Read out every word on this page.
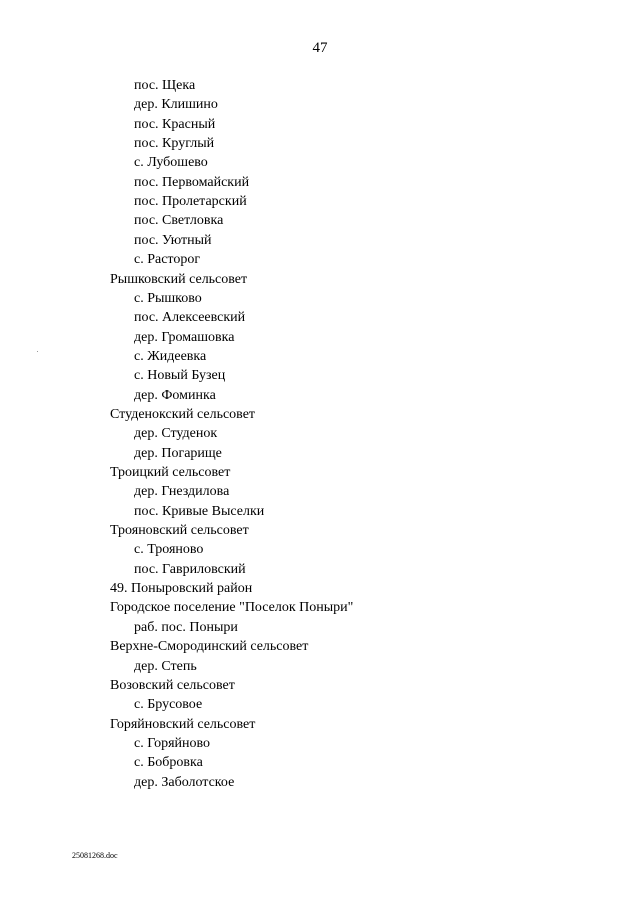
47
пос. Щека
дер. Клишино
пос. Красный
пос. Круглый
с. Лубошево
пос. Первомайский
пос. Пролетарский
пос. Светловка
пос. Уютный
с. Расторог
Рышковский сельсовет
с. Рышково
пос. Алексеевский
дер. Громашовка
с. Жидеевка
с. Новый Бузец
дер. Фоминка
Студенокский сельсовет
дер. Студенок
дер. Погарище
Троицкий сельсовет
дер. Гнездилова
пос. Кривые Выселки
Трояновский сельсовет
с. Трояново
пос. Гавриловский
49. Поныровский район
Городское поселение "Поселок Поныри"
раб. пос. Поныри
Верхне-Смородинский сельсовет
дер. Степь
Возовский сельсовет
с. Брусовое
Горяйновский сельсовет
с. Горяйново
с. Бобровка
дер. Заболотское
25081268.doc
